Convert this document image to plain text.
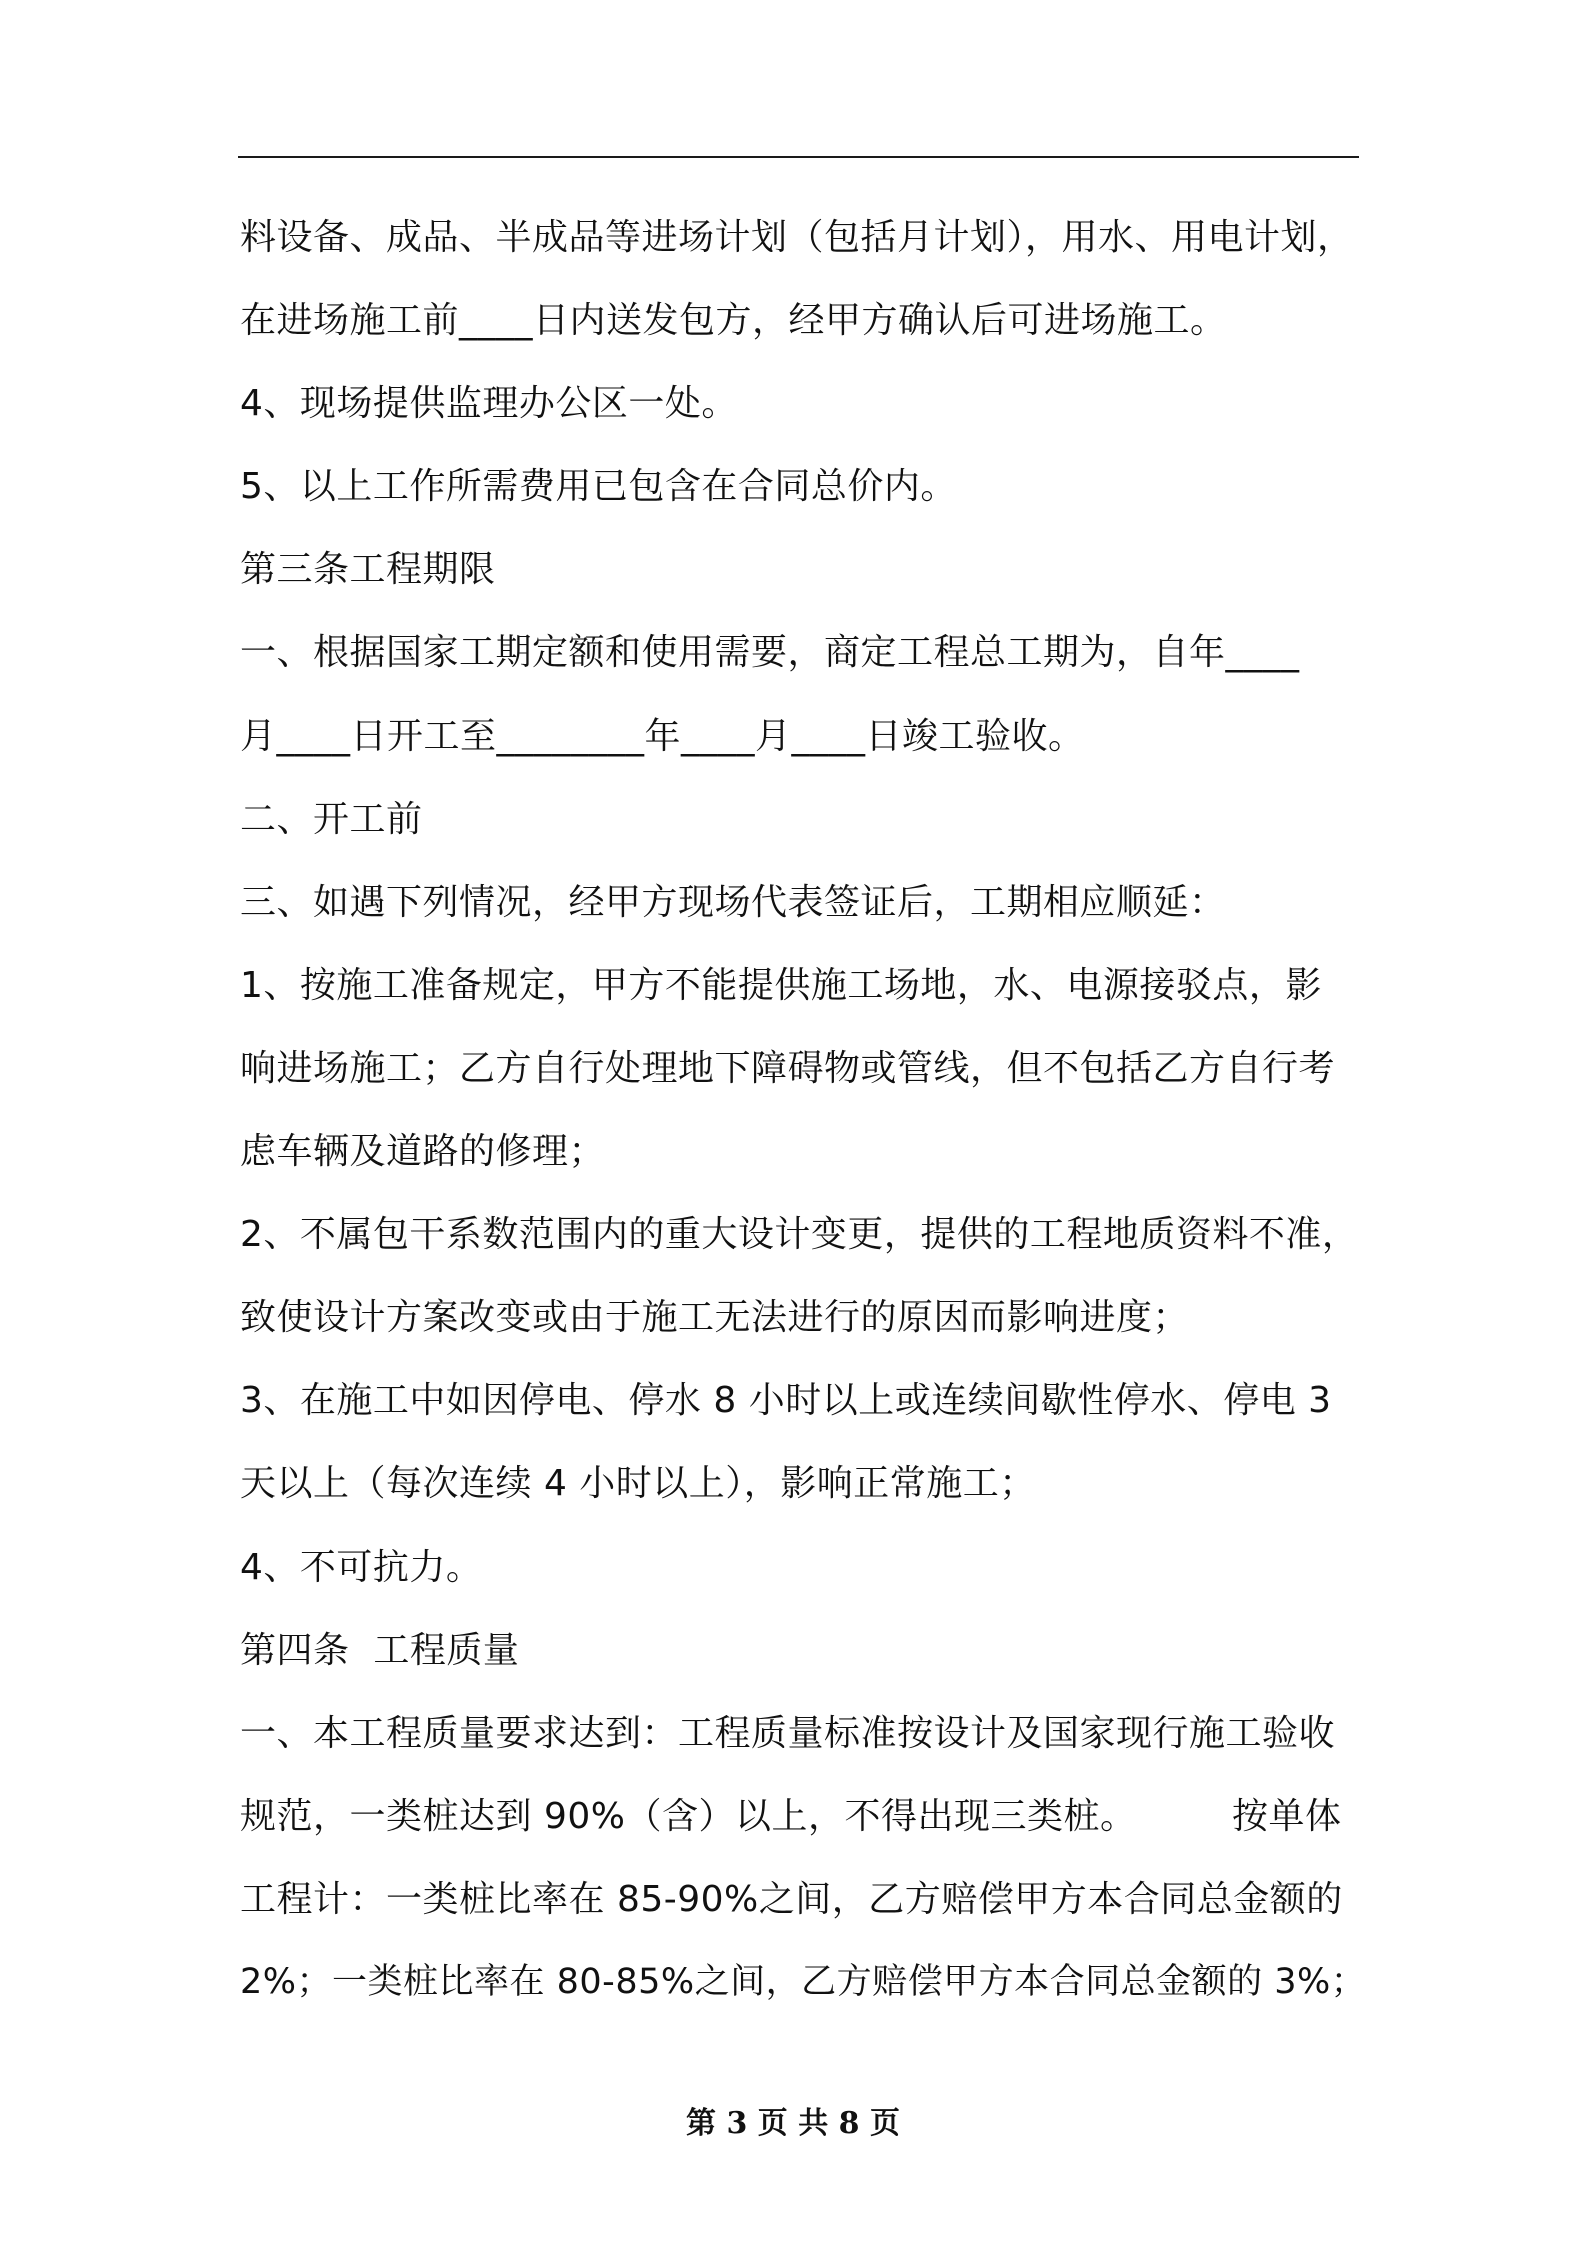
料设备、成品、半成品等进场计划（包括月计划），用水、用电计划，
在进场施工前____日内送发包方，经甲方确认后可进场施工。
4、现场提供监理办公区一处。
5、以上工作所需费用已包含在合同总价内。
第三条工程期限
一、根据国家工期定额和使用需要，商定工程总工期为，自年____
月____日开工至________年____月____日竣工验收。
二、开工前
三、如遇下列情况，经甲方现场代表签证后，工期相应顺延：
1、按施工准备规定，甲方不能提供施工场地，水、电源接驳点，影
响进场施工；乙方自行处理地下障碍物或管线，但不包括乙方自行考
虑车辆及道路的修理；
2、不属包干系数范围内的重大设计变更，提供的工程地质资料不准，
致使设计方案改变或由于施工无法进行的原因而影响进度；
3、在施工中如因停电、停水 8 小时以上或连续间歇性停水、停电 3
天以上（每次连续 4 小时以上），影响正常施工；
4、不可抗力。
第四条  工程质量
一、本工程质量要求达到：工程质量标准按设计及国家现行施工验收
规范，一类桩达到 90%（含）以上，不得出现三类桩。        按单体
工程计：一类桩比率在 85-90%之间，乙方赔偿甲方本合同总金额的
2%；一类桩比率在 80-85%之间，乙方赔偿甲方本合同总金额的 3%；
第 3 页 共 8 页
